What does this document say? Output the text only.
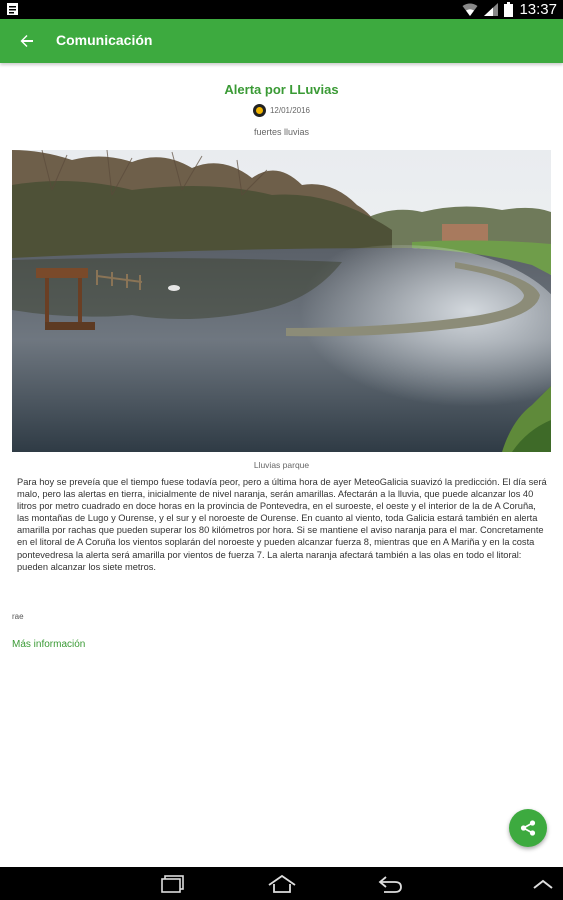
13:37
Comunicación
Alerta por LLuvias
12/01/2016
fuertes lluvias
Lluvias parque
Para hoy se preveía que el tiempo fuese todavía peor, pero a última hora de ayer MeteoGalicia suavizó la predicción. El día será malo, pero las alertas en tierra, inicialmente de nivel naranja, serán amarillas. Afectarán a la lluvia, que puede alcanzar los 40 litros por metro cuadrado en doce horas en la provincia de Pontevedra, en el suroeste, el oeste y el interior de la de A Coruña, las montañas de Lugo y Ourense, y el sur y el noroeste de Ourense. En cuanto al viento, toda Galicia estará también en alerta amarilla por rachas que pueden superar los 80 kilómetros por hora. Si se mantiene el aviso naranja para el mar. Concretamente en el litoral de A Coruña los vientos soplarán del noroeste y pueden alcanzar fuerza 8, mientras que en A Mariña y en la costa pontevedresa la alerta será amarilla por vientos de fuerza 7. La alerta naranja afectará también a las olas en todo el litoral: pueden alcanzar los siete metros.
rae
Más información
